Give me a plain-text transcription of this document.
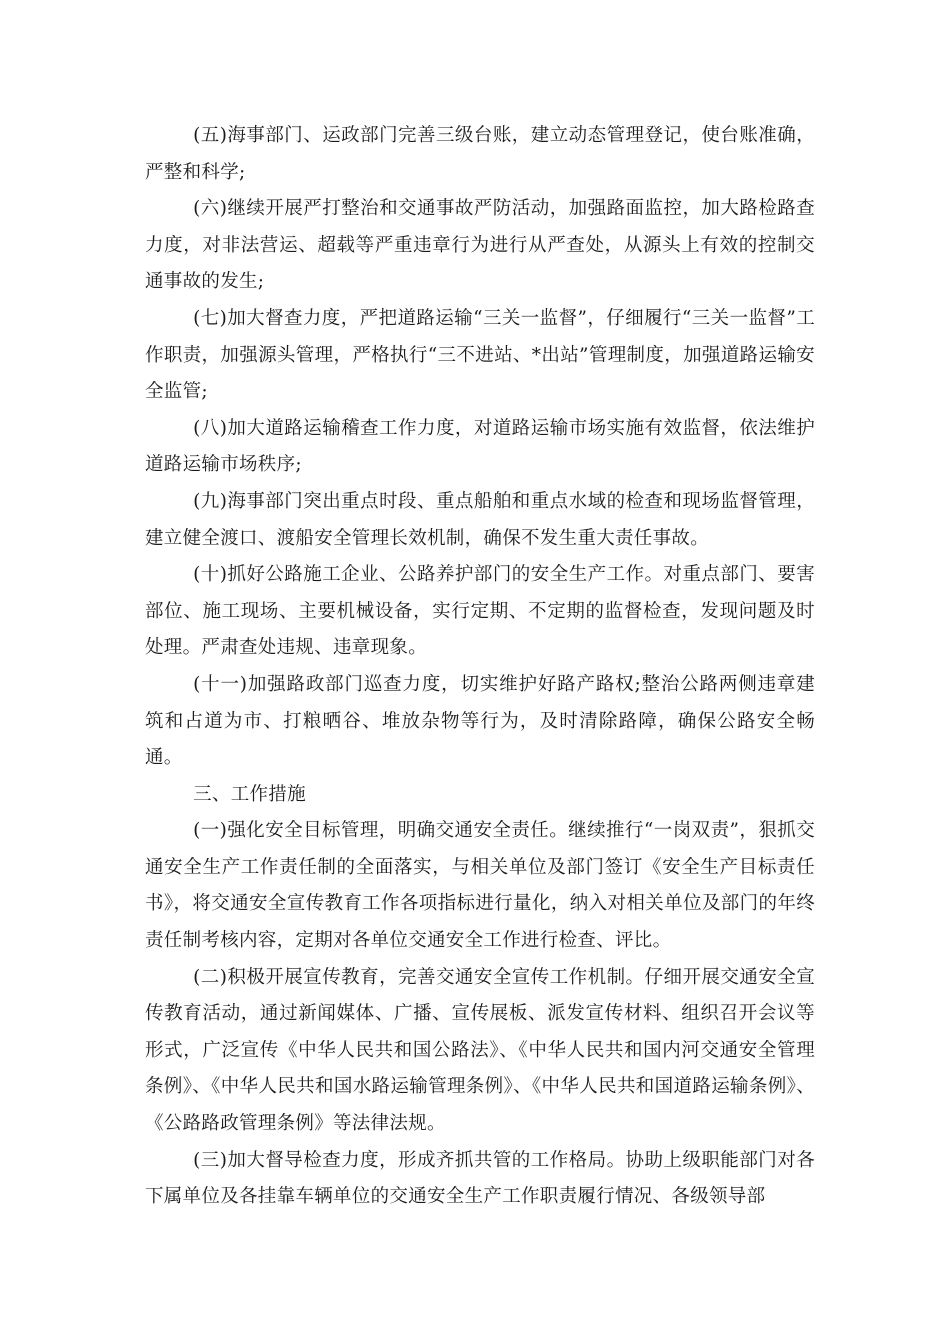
(五)海事部门、运政部门完善三级台账，建立动态管理登记，使台账准确，严整和科学;

(六)继续开展严打整治和交通事故严防活动，加强路面监控，加大路检路查力度，对非法营运、超载等严重违章行为进行从严查处，从源头上有效的控制交通事故的发生;

(七)加大督查力度，严把道路运输“三关一监督”，仔细履行“三关一监督”工作职责，加强源头管理，严格执行“三不进站、*出站”管理制度，加强道路运输安全监管;

(八)加大道路运输稽查工作力度，对道路运输市场实施有效监督，依法维护道路运输市场秩序;

(九)海事部门突出重点时段、重点船舶和重点水域的检查和现场监督管理，建立健全渡口、渡船安全管理长效机制，确保不发生重大责任事故。

(十)抓好公路施工企业、公路养护部门的安全生产工作。对重点部门、要害部位、施工现场、主要机械设备，实行定期、不定期的监督检查，发现问题及时处理。严肃查处违规、违章现象。

(十一)加强路政部门巡查力度，切实维护好路产路权;整治公路两侧违章建筑和占道为市、打粮晒谷、堆放杂物等行为，及时清除路障，确保公路安全畅通。

三、工作措施

(一)强化安全目标管理，明确交通安全责任。继续推行“一岗双责”，狠抓交通安全生产工作责任制的全面落实，与相关单位及部门签订《安全生产目标责任书》，将交通安全宣传教育工作各项指标进行量化，纳入对相关单位及部门的年终责任制考核内容，定期对各单位交通安全工作进行检查、评比。

(二)积极开展宣传教育，完善交通安全宣传工作机制。仔细开展交通安全宣传教育活动，通过新闻媒体、广播、宣传展板、派发宣传材料、组织召开会议等形式，广泛宣传《中华人民共和国公路法》、《中华人民共和国内河交通安全管理条例》、《中华人民共和国水路运输管理条例》、《中华人民共和国道路运输条例》、《公路路政管理条例》等法律法规。

(三)加大督导检查力度，形成齐抓共管的工作格局。协助上级职能部门对各下属单位及各挂靠车辆单位的交通安全生产工作职责履行情况、各级领导部
